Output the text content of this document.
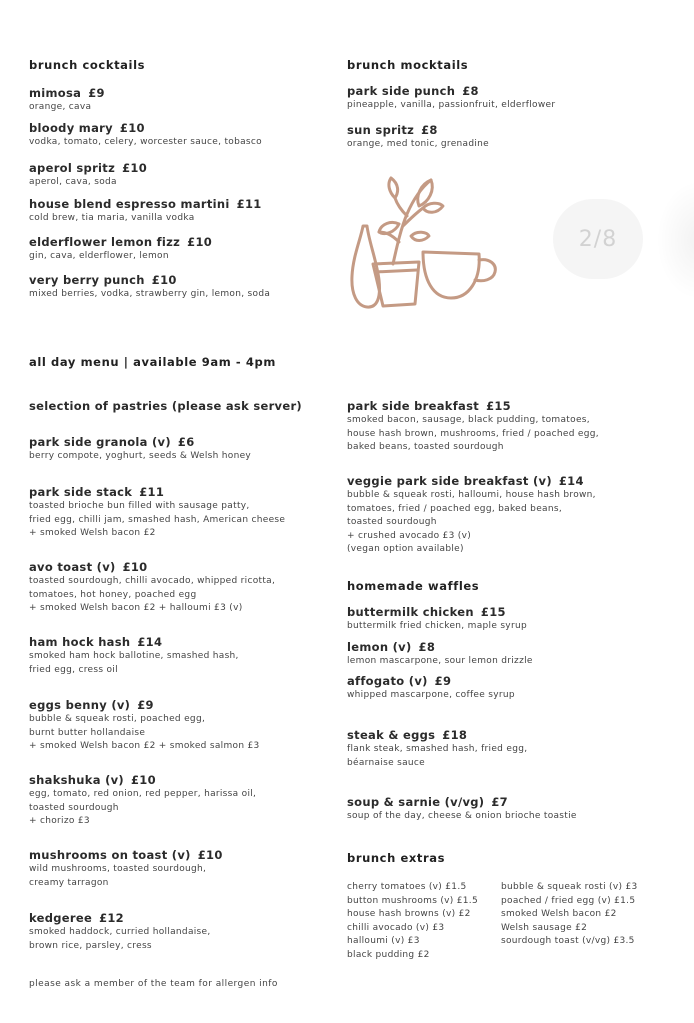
brunch cocktails
mimosa £9
orange, cava
bloody mary £10
vodka, tomato, celery, worcester sauce, tobasco
aperol spritz £10
aperol, cava, soda
house blend espresso martini £11
cold brew, tia maria, vanilla vodka
elderflower lemon fizz £10
gin, cava, elderflower, lemon
very berry punch £10
mixed berries, vodka, strawberry gin, lemon, soda
brunch mocktails
park side punch £8
pineapple, vanilla, passionfruit, elderflower
sun spritz £8
orange, med tonic, grenadine
2/8
all day menu | available 9am - 4pm
selection of pastries (please ask server)
park side granola (v) £6
berry compote, yoghurt, seeds & Welsh honey
park side stack £11
toasted brioche bun filled with sausage patty,
fried egg, chilli jam, smashed hash, American cheese
+ smoked Welsh bacon £2
avo toast (v) £10
toasted sourdough, chilli avocado, whipped ricotta,
tomatoes, hot honey, poached egg
+ smoked Welsh bacon £2 + halloumi £3 (v)
ham hock hash £14
smoked ham hock ballotine, smashed hash,
fried egg, cress oil
eggs benny (v) £9
bubble & squeak rosti, poached egg,
burnt butter hollandaise
+ smoked Welsh bacon £2 + smoked salmon £3
shakshuka (v) £10
egg, tomato, red onion, red pepper, harissa oil,
toasted sourdough
+ chorizo £3
mushrooms on toast (v) £10
wild mushrooms, toasted sourdough,
creamy tarragon
kedgeree £12
smoked haddock, curried hollandaise,
brown rice, parsley, cress
park side breakfast £15
smoked bacon, sausage, black pudding, tomatoes,
house hash brown, mushrooms, fried / poached egg,
baked beans, toasted sourdough
veggie park side breakfast (v) £14
bubble & squeak rosti, halloumi, house hash brown,
tomatoes, fried / poached egg, baked beans,
toasted sourdough
+ crushed avocado £3 (v)
(vegan option available)
homemade waffles
buttermilk chicken £15
buttermilk fried chicken, maple syrup
lemon (v) £8
lemon mascarpone, sour lemon drizzle
affogato (v) £9
whipped mascarpone, coffee syrup
steak & eggs £18
flank steak, smashed hash, fried egg,
béarnaise sauce
soup & sarnie (v/vg) £7
soup of the day, cheese & onion brioche toastie
brunch extras
cherry tomatoes (v) £1.5
button mushrooms (v) £1.5
house hash browns (v) £2
chilli avocado (v) £3
halloumi (v) £3
black pudding £2
bubble & squeak rosti (v) £3
poached / fried egg (v) £1.5
smoked Welsh bacon £2
Welsh sausage £2
sourdough toast (v/vg) £3.5
please ask a member of the team for allergen info
